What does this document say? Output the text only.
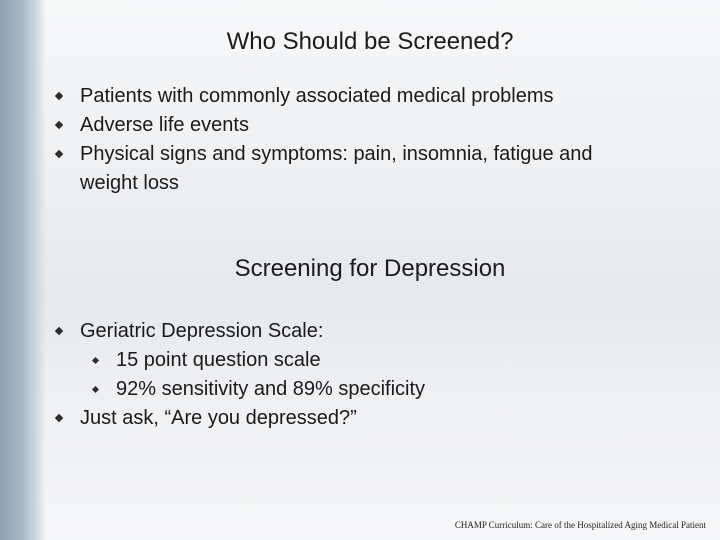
Who Should be Screened?
Patients with commonly associated medical problems
Adverse life events
Physical signs and symptoms: pain, insomnia, fatigue and weight loss
Screening for Depression
Geriatric Depression Scale:
15 point question scale
92% sensitivity and 89% specificity
Just ask, “Are you depressed?”
CHAMP Curriculum: Care of the Hospitalized Aging Medical Patient
